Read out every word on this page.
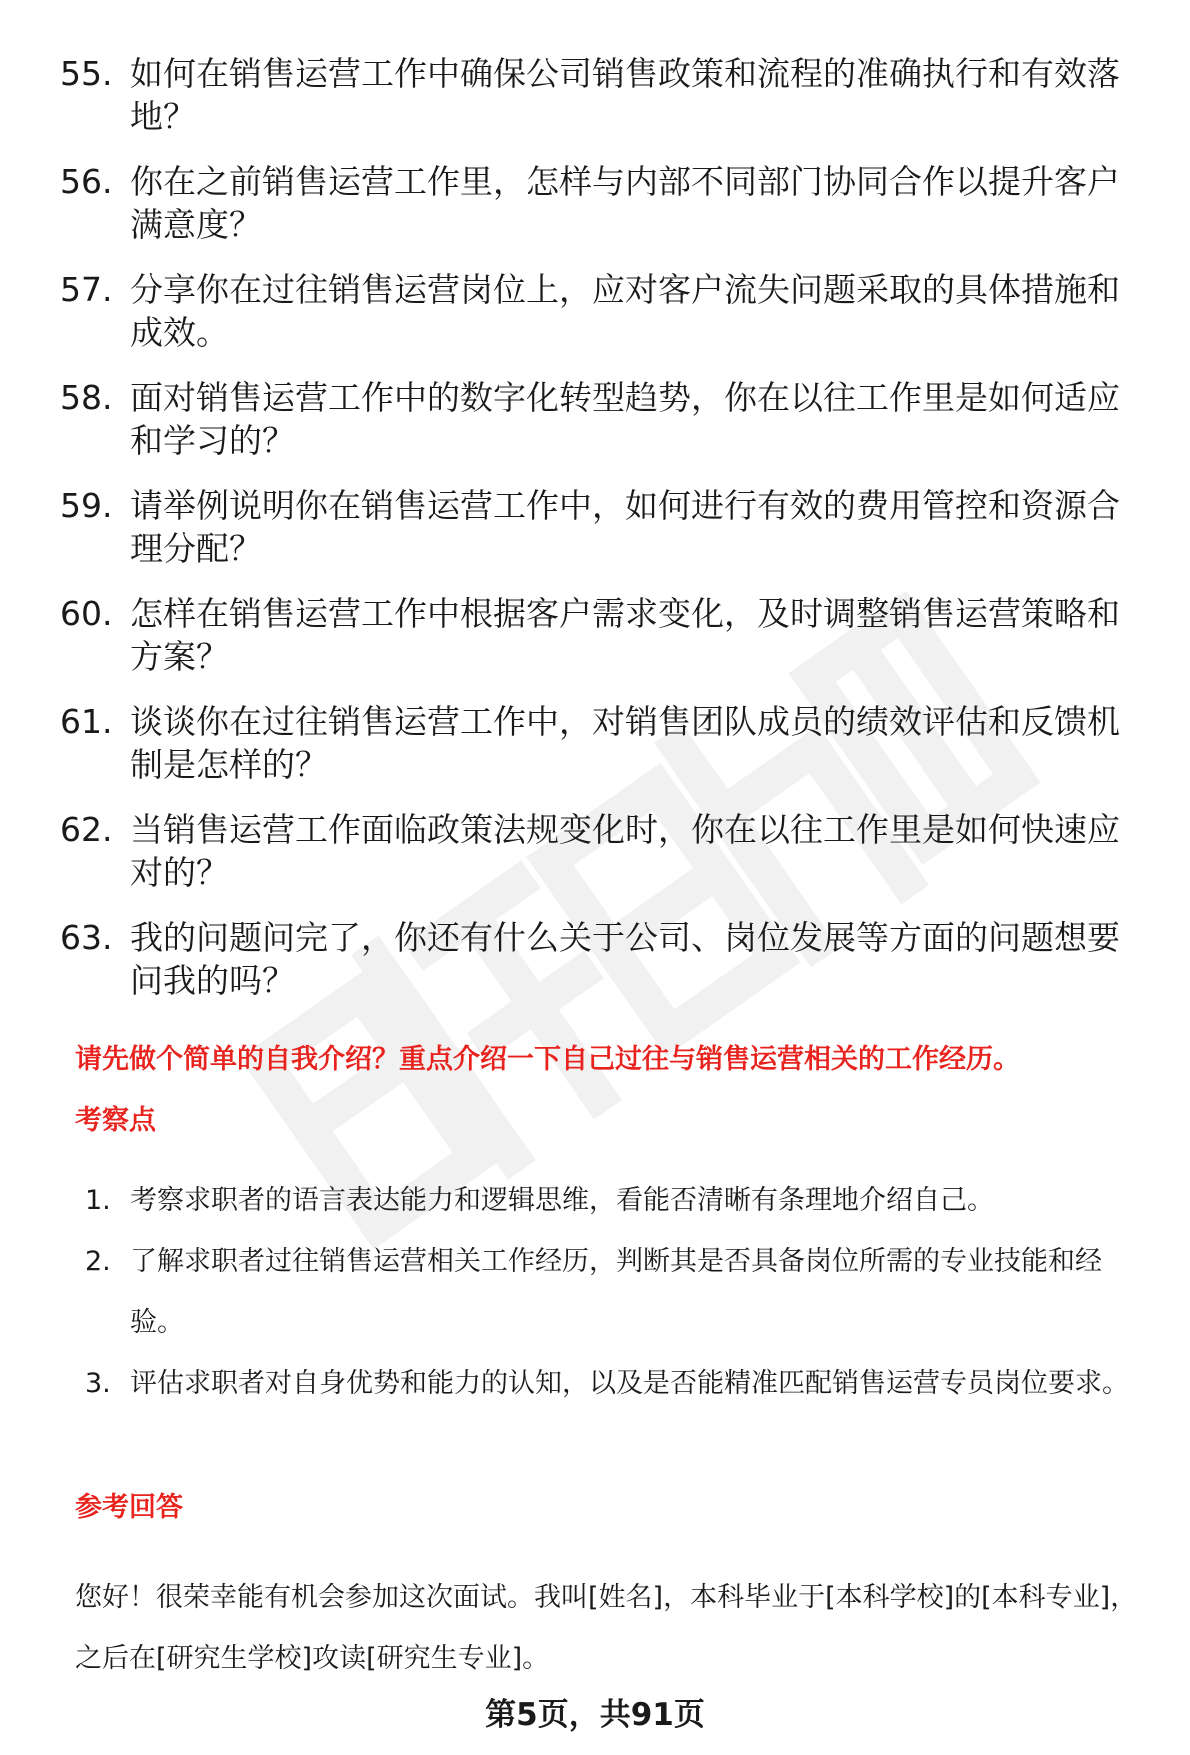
55. 如何在销售运营工作中确保公司销售政策和流程的准确执行和有效落地？
56. 你在之前销售运营工作里，怎样与内部不同部门协同合作以提升客户满意度？
57. 分享你在过往销售运营岗位上，应对客户流失问题采取的具体措施和成效。
58. 面对销售运营工作中的数字化转型趋势，你在以往工作里是如何适应和学习的？
59. 请举例说明你在销售运营工作中，如何进行有效的费用管控和资源合理分配？
60. 怎样在销售运营工作中根据客户需求变化，及时调整销售运营策略和方案？
61. 谈谈你在过往销售运营工作中，对销售团队成员的绩效评估和反馈机制是怎样的？
62. 当销售运营工作面临政策法规变化时，你在以往工作里是如何快速应对的？
63. 我的问题问完了，你还有什么关于公司、岗位发展等方面的问题想要问我的吗？
请先做个简单的自我介绍？重点介绍一下自己过往与销售运营相关的工作经历。
考察点
1. 考察求职者的语言表达能力和逻辑思维，看能否清晰有条理地介绍自己。
2. 了解求职者过往销售运营相关工作经历，判断其是否具备岗位所需的专业技能和经验。
3. 评估求职者对自身优势和能力的认知，以及是否能精准匹配销售运营专员岗位要求。
参考回答

您好！很荣幸能有机会参加这次面试。我叫[姓名]，本科毕业于[本科学校]的[本科专业]，之后在[研究生学校]攻读[研究生专业]。

第5页，共91页
